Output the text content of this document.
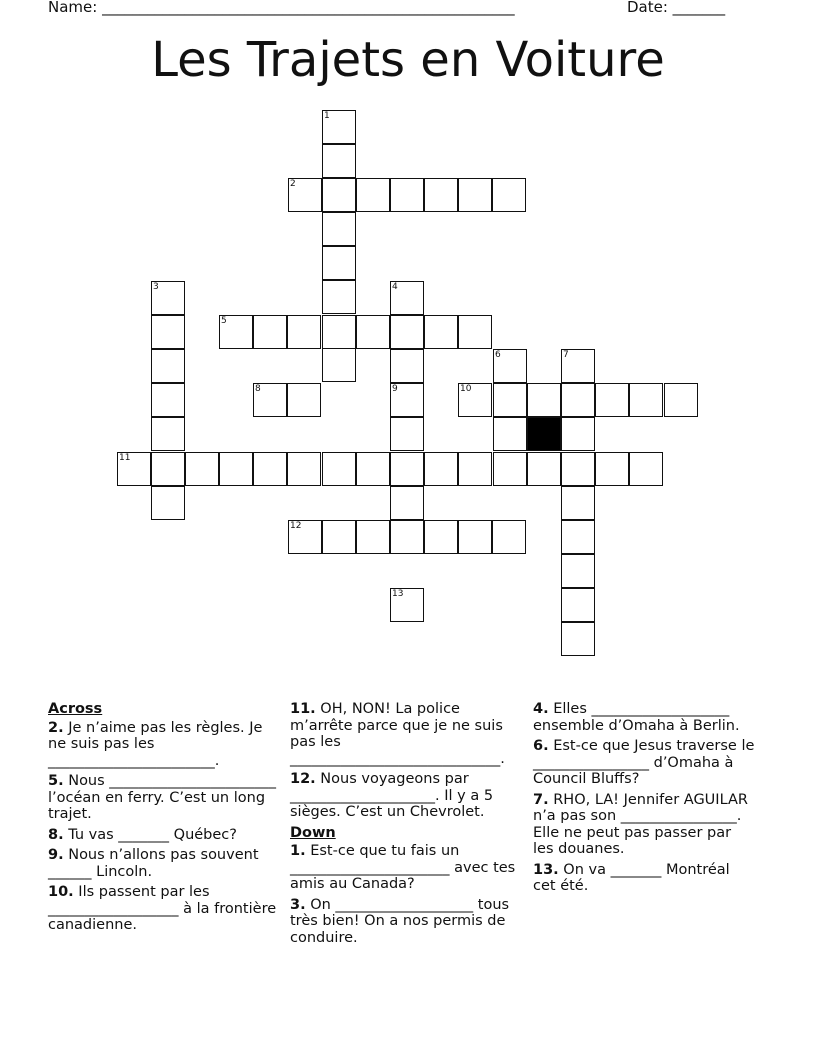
Name: _______________________________________________________	Date: _______
Les Trajets en Voiture
1
2
3	4
9
5
6	7
8	10
11
12
13
Across
2. Je n’aime pas les règles. Je ne suis pas les _______________________.
5. Nous _______________________ l’océan en ferry. C’est un long trajet.
8. Tu vas _______ Québec?
9. Nous n’allons pas souvent ______ Lincoln.
10. Ils passent par les __________________ à la frontière canadienne.
11. OH, NON! La police m’arrête parce que je ne suis pas les _____________________________.
12. Nous voyageons par ____________________. Il y a 5 sièges. C’est un Chevrolet.
Down
1. Est-ce que tu fais un ______________________ avec tes amis au Canada?
3. On ___________________ tous très bien! On a nos permis de conduire.
4. Elles ___________________ ensemble d’Omaha à Berlin.
6. Est-ce que Jesus traverse le ________________ d’Omaha à Council Bluffs?
7. RHO, LA! Jennifer AGUILAR n’a pas son ________________. Elle ne peut pas passer par les douanes.
13. On va _______ Montréal cet été.
